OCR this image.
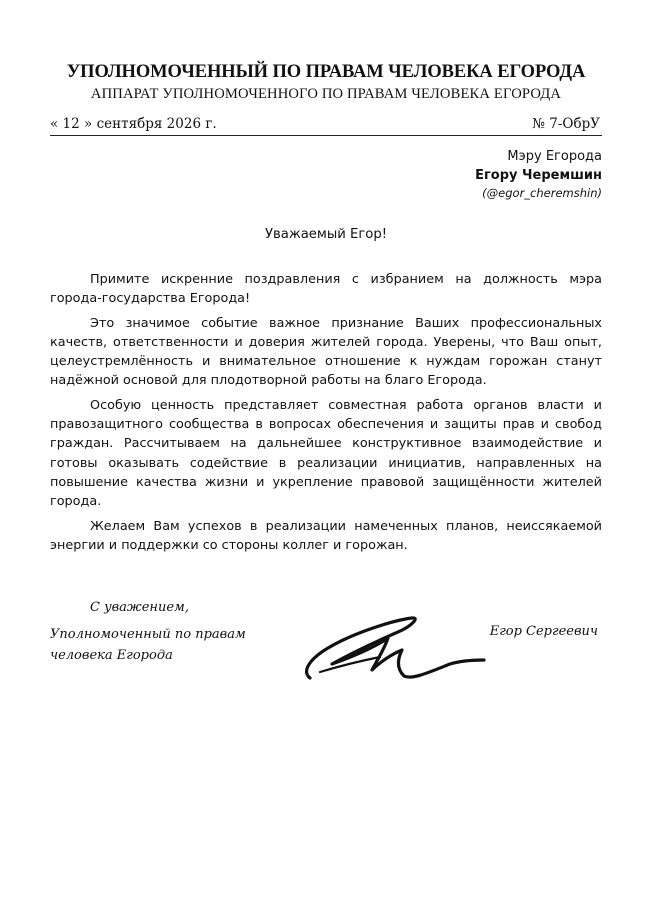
УПОЛНОМОЧЕННЫЙ ПО ПРАВАМ ЧЕЛОВЕКА ЕГОРОДА
АППАРАТ УПОЛНОМОЧЕННОГО ПО ПРАВАМ ЧЕЛОВЕКА ЕГОРОДА
« 12 » сентября 2026 г.	№ 7-ОбрУ
Мэру Егорода
Егору Черемшин
(@egor_cheremshin)
Уважаемый Егор!

Примите искренние поздравления с избранием на должность мэра города-государства Егорода!

Это значимое событие важное признание Ваших профессиональных качеств, ответственности и доверия жителей города. Уверены, что Ваш опыт, целеустремлённость и внимательное отношение к нуждам горожан станут надёжной основой для плодотворной работы на благо Егорода.

Особую ценность представляет совместная работа органов власти и правозащитного сообщества в вопросах обеспечения и защиты прав и свобод граждан. Рассчитываем на дальнейшее конструктивное взаимодействие и готовы оказывать содействие в реализации инициатив, направленных на повышение качества жизни и укрепление правовой защищённости жителей города.

Желаем Вам успехов в реализации намеченных планов, неиссякаемой энергии и поддержки со стороны коллег и горожан.

С уважением,
Уполномоченный по правам
человека Егорода
Егор Сергеевич
